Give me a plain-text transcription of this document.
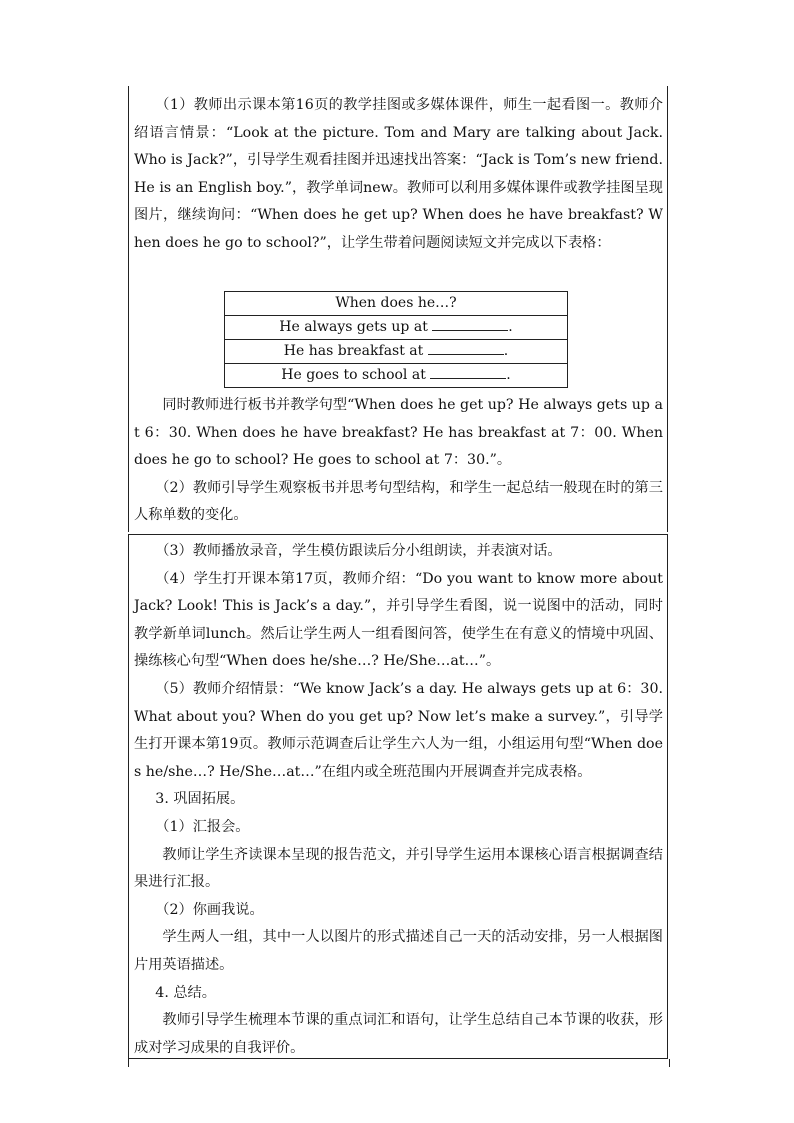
（1）教师出示课本第16页的教学挂图或多媒体课件，师生一起看图一。教师介绍语言情景：“Look at the picture. Tom and Mary are talking about Jack. Who is Jack?”，引导学生观看挂图并迅速找出答案：“Jack is Tom’s new friend. He is an English boy.”，教学单词new。教师可以利用多媒体课件或教学挂图呈现图片，继续询问：“When does he get up? When does he have breakfast? When does he go to school?”，让学生带着问题阅读短文并完成以下表格：

同时教师进行板书并教学句型“When does he get up? He always gets up at 6：30. When does he have breakfast? He has breakfast at 7：00. When does he go to school? He goes to school at 7：30.”。

（2）教师引导学生观察板书并思考句型结构，和学生一起总结一般现在时的第三人称单数的变化。

When does he…?
He always gets up at	.
He has breakfast at	.
He goes to school at	.

（3）教师播放录音，学生模仿跟读后分小组朗读，并表演对话。

（4）学生打开课本第17页，教师介绍：“Do you want to know more about Jack? Look! This is Jack’s a day.”，并引导学生看图，说一说图中的活动，同时教学新单词lunch。然后让学生两人一组看图问答，使学生在有意义的情境中巩固、操练核心句型“When does he/she…? He/She…at…”。

（5）教师介绍情景：“We know Jack’s a day. He always gets up at 6：30. What about you? When do you get up? Now let’s make a survey.”，引导学生打开课本第19页。教师示范调查后让学生六人为一组，小组运用句型“When does he/she…? He/She…at…”在组内或全班范围内开展调查并完成表格。

3. 巩固拓展。

（1）汇报会。

教师让学生齐读课本呈现的报告范文，并引导学生运用本课核心语言根据调查结果进行汇报。

（2）你画我说。

学生两人一组，其中一人以图片的形式描述自己一天的活动安排，另一人根据图片用英语描述。

4. 总结。

教师引导学生梳理本节课的重点词汇和语句，让学生总结自己本节课的收获，形成对学习成果的自我评价。
